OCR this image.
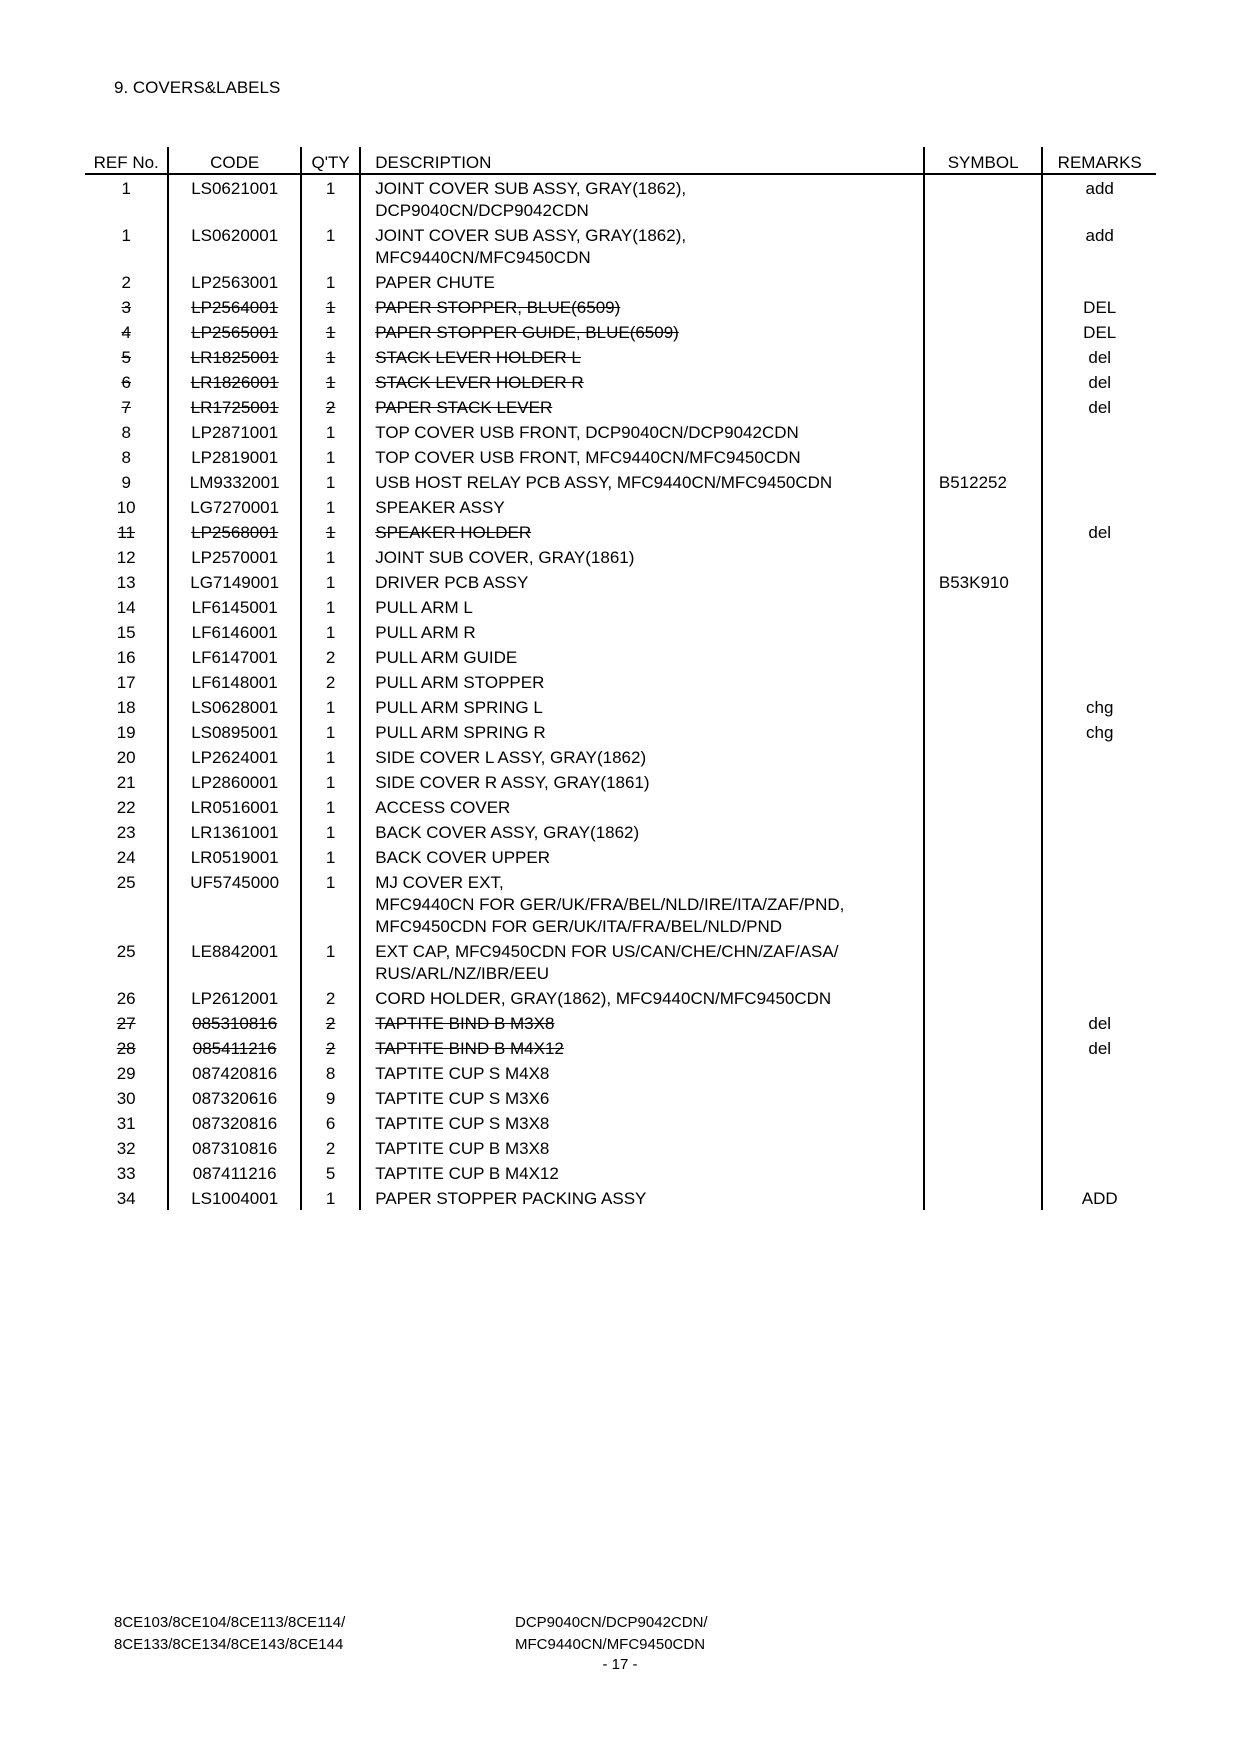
9. COVERS&LABELS
REF No.	CODE	Q'TY	DESCRIPTION	SYMBOL	REMARKS
1	LS0621001	1	JOINT COVER SUB ASSY, GRAY(1862),
DCP9040CN/DCP9042CDN		add
1	LS0620001	1	JOINT COVER SUB ASSY, GRAY(1862),
MFC9440CN/MFC9450CDN		add
2	LP2563001	1	PAPER CHUTE		

3	LP2564001	1	PAPER STOPPER, BLUE(6509)		DEL
4	LP2565001	1	PAPER STOPPER GUIDE, BLUE(6509)		DEL
5	LR1825001	1	STACK LEVER HOLDER L		del
6	LR1826001	1	STACK LEVER HOLDER R		del
7	LR1725001	2	PAPER STACK LEVER		del
8	LP2871001	1	TOP COVER USB FRONT, DCP9040CN/DCP9042CDN		

8	LP2819001	1	TOP COVER USB FRONT, MFC9440CN/MFC9450CDN		

9	LM9332001	1	USB HOST RELAY PCB ASSY, MFC9440CN/MFC9450CDN	B512252	
10	LG7270001	1	SPEAKER ASSY		

11	LP2568001	1	SPEAKER HOLDER		del
12	LP2570001	1	JOINT SUB COVER, GRAY(1861)		

13	LG7149001	1	DRIVER PCB ASSY	B53K910	
14	LF6145001	1	PULL ARM L		

15	LF6146001	1	PULL ARM R		

16	LF6147001	2	PULL ARM GUIDE		

17	LF6148001	2	PULL ARM STOPPER		

18	LS0628001	1	PULL ARM SPRING L		chg
19	LS0895001	1	PULL ARM SPRING R		chg
20	LP2624001	1	SIDE COVER L ASSY, GRAY(1862)		

21	LP2860001	1	SIDE COVER R ASSY, GRAY(1861)		

22	LR0516001	1	ACCESS COVER		

23	LR1361001	1	BACK COVER ASSY, GRAY(1862)		

24	LR0519001	1	BACK COVER UPPER		

25	UF5745000	1	MJ COVER EXT,
MFC9440CN FOR GER/UK/FRA/BEL/NLD/IRE/ITA/ZAF/PND,
MFC9450CDN FOR GER/UK/ITA/FRA/BEL/NLD/PND		

25	LE8842001	1	EXT CAP, MFC9450CDN FOR US/CAN/CHE/CHN/ZAF/ASA/
RUS/ARL/NZ/IBR/EEU		

26	LP2612001	2	CORD HOLDER, GRAY(1862), MFC9440CN/MFC9450CDN		

27	085310816	2	TAPTITE BIND B M3X8		del
28	085411216	2	TAPTITE BIND B M4X12		del
29	087420816	8	TAPTITE CUP S M4X8		

30	087320616	9	TAPTITE CUP S M3X6		

31	087320816	6	TAPTITE CUP S M3X8		

32	087310816	2	TAPTITE CUP B M3X8		

33	087411216	5	TAPTITE CUP B M4X12		

34	LS1004001	1	PAPER STOPPER PACKING ASSY		ADD
8CE103/8CE104/8CE113/8CE114/
8CE133/8CE134/8CE143/8CE144
DCP9040CN/DCP9042CDN/
MFC9440CN/MFC9450CDN
- 17 -
